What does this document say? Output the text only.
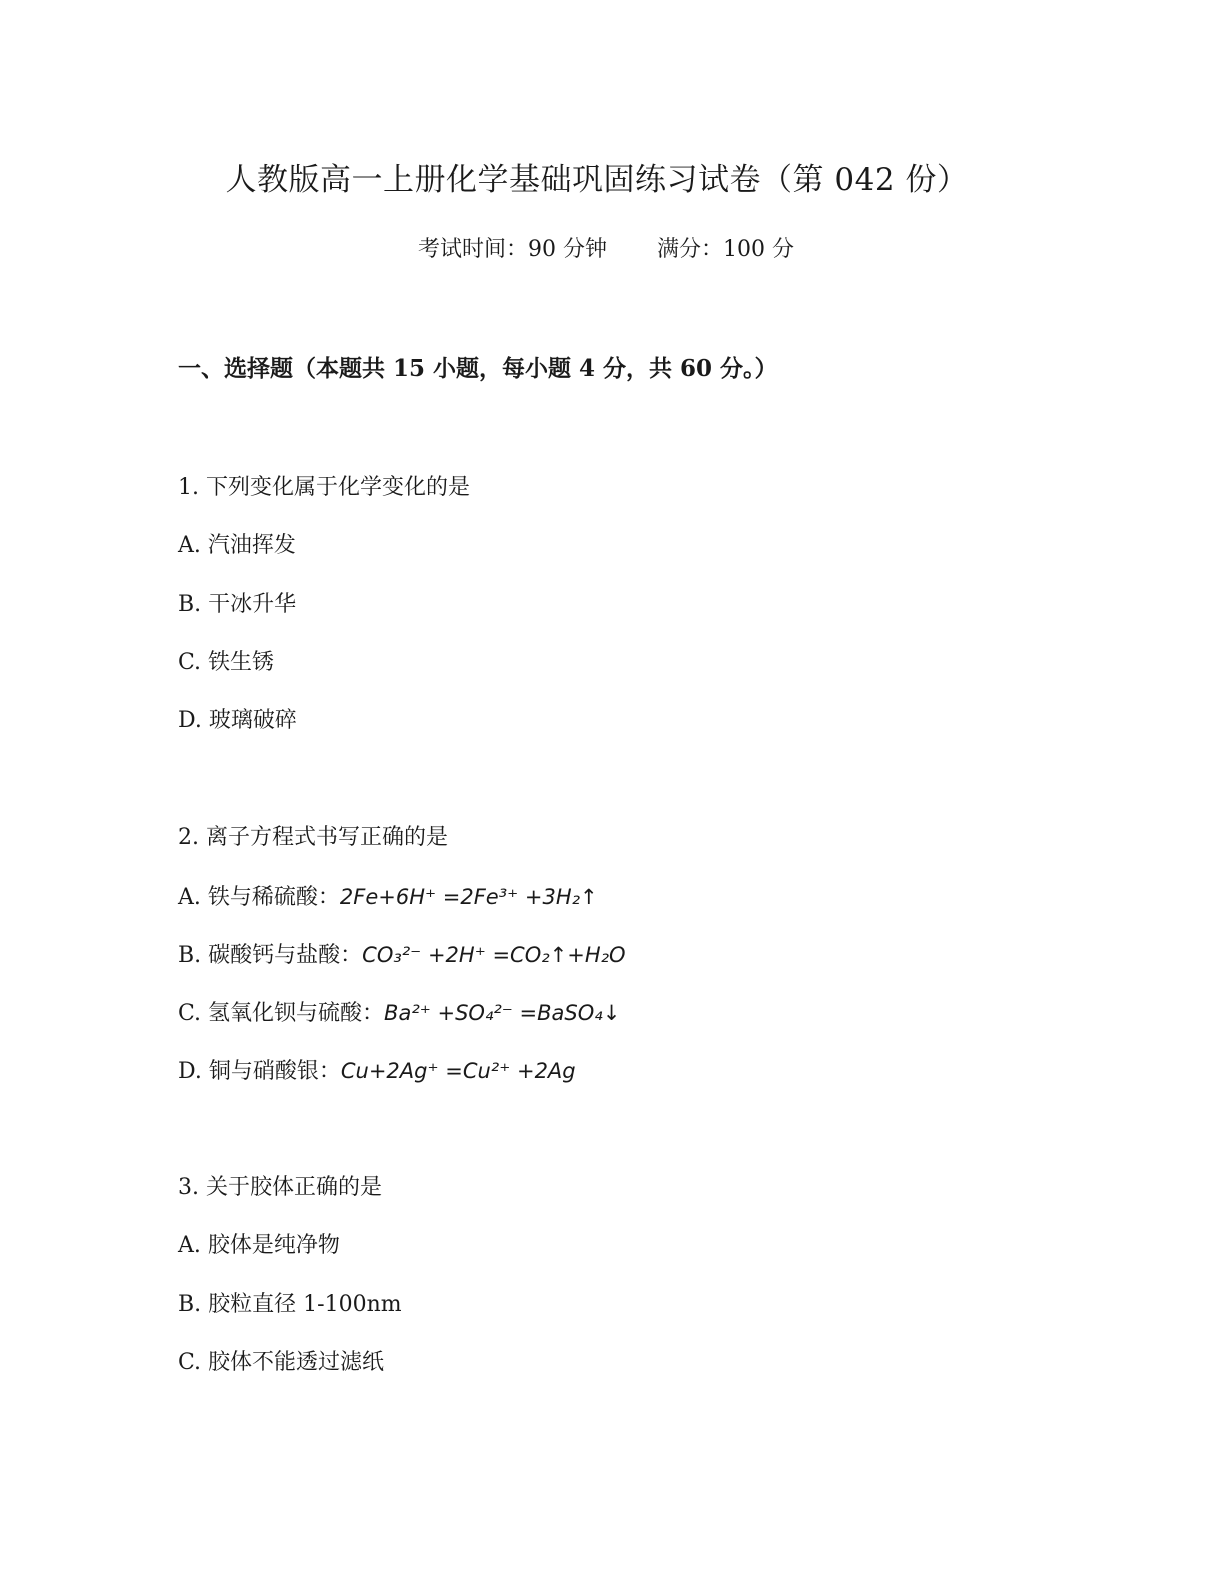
人教版高一上册化学基础巩固练习试卷（第 042 份）
考试时间：90 分钟 满分：100 分
一、选择题（本题共 15 小题，每小题 4 分，共 60 分。）
1. 下列变化属于化学变化的是
A. 汽油挥发
B. 干冰升华
C. 铁生锈
D. 玻璃破碎
2. 离子方程式书写正确的是
A. 铁与稀硫酸：2Fe+6H⁺ =2Fe³⁺ +3H₂↑
B. 碳酸钙与盐酸：CO₃²⁻ +2H⁺ =CO₂↑+H₂O
C. 氢氧化钡与硫酸：Ba²⁺ +SO₄²⁻ =BaSO₄↓
D. 铜与硝酸银：Cu+2Ag⁺ =Cu²⁺ +2Ag
3. 关于胶体正确的是
A. 胶体是纯净物
B. 胶粒直径 1-100nm
C. 胶体不能透过滤纸
